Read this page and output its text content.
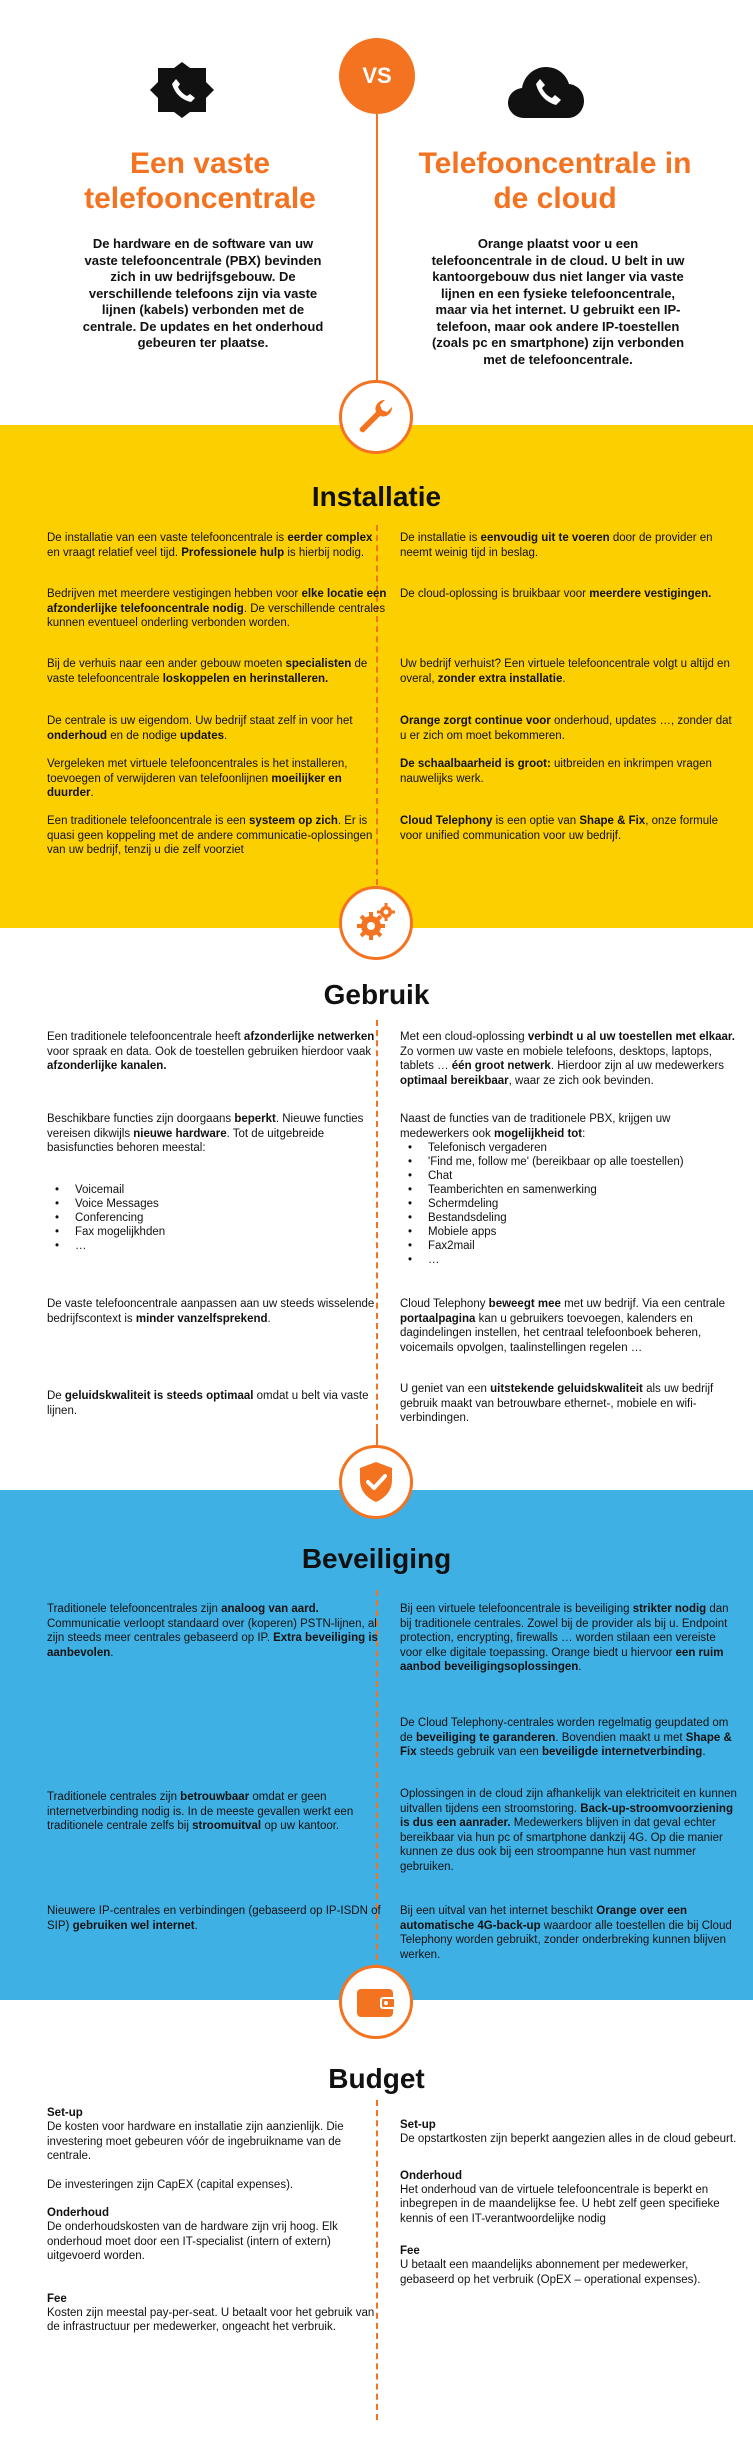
VS
Een vaste telefooncentrale
De hardware en de software van uw vaste telefooncentrale (PBX) bevinden zich in uw bedrijfsgebouw. De verschillende telefoons zijn via vaste lijnen (kabels) verbonden met de centrale. De updates en het onderhoud gebeuren ter plaatse.
Telefooncentrale in de cloud
Orange plaatst voor u een telefooncentrale in de cloud. U belt in uw kantoorgebouw dus niet langer via vaste lijnen en een fysieke telefooncentrale, maar via het internet. U gebruikt een IP-telefoon, maar ook andere IP-toestellen (zoals pc en smartphone) zijn verbonden met de telefooncentrale.
Installatie

De installatie van een vaste telefooncentrale is eerder complex en vraagt relatief veel tijd. Professionele hulp is hierbij nodig.

Bedrijven met meerdere vestigingen hebben voor elke locatie een afzonderlijke telefooncentrale nodig. De verschillende centrales kunnen eventueel onderling verbonden worden.

Bij de verhuis naar een ander gebouw moeten specialisten de vaste telefooncentrale loskoppelen en herinstalleren.

De centrale is uw eigendom. Uw bedrijf staat zelf in voor het onderhoud en de nodige updates.

Vergeleken met virtuele telefooncentrales is het installeren, toevoegen of verwijderen van telefoonlijnen moeilijker en duurder.

Een traditionele telefooncentrale is een systeem op zich. Er is quasi geen koppeling met de andere communicatie-oplossingen van uw bedrijf, tenzij u die zelf voorziet

De installatie is eenvoudig uit te voeren door de provider en neemt weinig tijd in beslag.

De cloud-oplossing is bruikbaar voor meerdere vestigingen.

Uw bedrijf verhuist? Een virtuele telefooncentrale volgt u altijd en overal, zonder extra installatie.

Orange zorgt continue voor onderhoud, updates …, zonder dat u er zich om moet bekommeren.

De schaalbaarheid is groot: uitbreiden en inkrimpen vragen nauwelijks werk.

Cloud Telephony is een optie van Shape & Fix, onze formule voor unified communication voor uw bedrijf.

Gebruik

Een traditionele telefooncentrale heeft afzonderlijke netwerken voor spraak en data. Ook de toestellen gebruiken hierdoor vaak afzonderlijke kanalen.

Beschikbare functies zijn doorgaans beperkt. Nieuwe functies vereisen dikwijls nieuwe hardware. Tot de uitgebreide basisfuncties behoren meestal:

• Voicemail
• Voice Messages
• Conferencing
• Fax mogelijkhden
• …

De vaste telefooncentrale aanpassen aan uw steeds wisselende bedrijfscontext is minder vanzelfsprekend.

De geluidskwaliteit is steeds optimaal omdat u belt via vaste lijnen.

Met een cloud-oplossing verbindt u al uw toestellen met elkaar. Zo vormen uw vaste en mobiele telefoons, desktops, laptops, tablets … één groot netwerk. Hierdoor zijn al uw medewerkers optimaal bereikbaar, waar ze zich ook bevinden.

Naast de functies van de traditionele PBX, krijgen uw medewerkers ook mogelijkheid tot:

• Telefonisch vergaderen
• 'Find me, follow me' (bereikbaar op alle toestellen)
• Chat
• Teamberichten en samenwerking
• Schermdeling
• Bestandsdeling
• Mobiele apps
• Fax2mail
• …

Cloud Telephony beweegt mee met uw bedrijf. Via een centrale portaalpagina kan u gebruikers toevoegen, kalenders en dagindelingen instellen, het centraal telefoonboek beheren, voicemails opvolgen, taalinstellingen regelen …

U geniet van een uitstekende geluidskwaliteit als uw bedrijf gebruik maakt van betrouwbare ethernet-, mobiele en wifi-verbindingen.

Beveiliging

Traditionele telefooncentrales zijn analoog van aard. Communicatie verloopt standaard over (koperen) PSTN-lijnen, al zijn steeds meer centrales gebaseerd op IP. Extra beveiliging is aanbevolen.

Traditionele centrales zijn betrouwbaar omdat er geen internetverbinding nodig is. In de meeste gevallen werkt een traditionele centrale zelfs bij stroomuitval op uw kantoor.

Nieuwere IP-centrales en verbindingen (gebaseerd op IP-ISDN of SIP) gebruiken wel internet.

Bij een virtuele telefooncentrale is beveiliging strikter nodig dan bij traditionele centrales. Zowel bij de provider als bij u. Endpoint protection, encrypting, firewalls … worden stilaan een vereiste voor elke digitale toepassing. Orange biedt u hiervoor een ruim aanbod beveiligingsoplossingen.

De Cloud Telephony-centrales worden regelmatig geupdated om de beveiliging te garanderen. Bovendien maakt u met Shape & Fix steeds gebruik van een beveiligde internetverbinding.

Oplossingen in de cloud zijn afhankelijk van elektriciteit en kunnen uitvallen tijdens een stroomstoring. Back-up-stroomvoorziening is dus een aanrader. Medewerkers blijven in dat geval echter bereikbaar via hun pc of smartphone dankzij 4G. Op die manier kunnen ze dus ook bij een stroompanne hun vast nummer gebruiken.

Bij een uitval van het internet beschikt Orange over een automatische 4G-back-up waardoor alle toestellen die bij Cloud Telephony worden gebruikt, zonder onderbreking kunnen blijven werken.

Budget

Set-up

De kosten voor hardware en installatie zijn aanzienlijk. Die investering moet gebeuren vóór de ingebruikname van de centrale.

De investeringen zijn CapEX (capital expenses).

Onderhoud

De onderhoudskosten van de hardware zijn vrij hoog. Elk onderhoud moet door een IT-specialist (intern of extern) uitgevoerd worden.

Fee

Kosten zijn meestal pay-per-seat. U betaalt voor het gebruik van de infrastructuur per medewerker, ongeacht het verbruik.

Set-up

De opstartkosten zijn beperkt aangezien alles in de cloud gebeurt.

Onderhoud

Het onderhoud van de virtuele telefooncentrale is beperkt en inbegrepen in de maandelijkse fee. U hebt zelf geen specifieke kennis of een IT-verantwoordelijke nodig

Fee

U betaalt een maandelijks abonnement per medewerker, gebaseerd op het verbruik (OpEX – operational expenses).
